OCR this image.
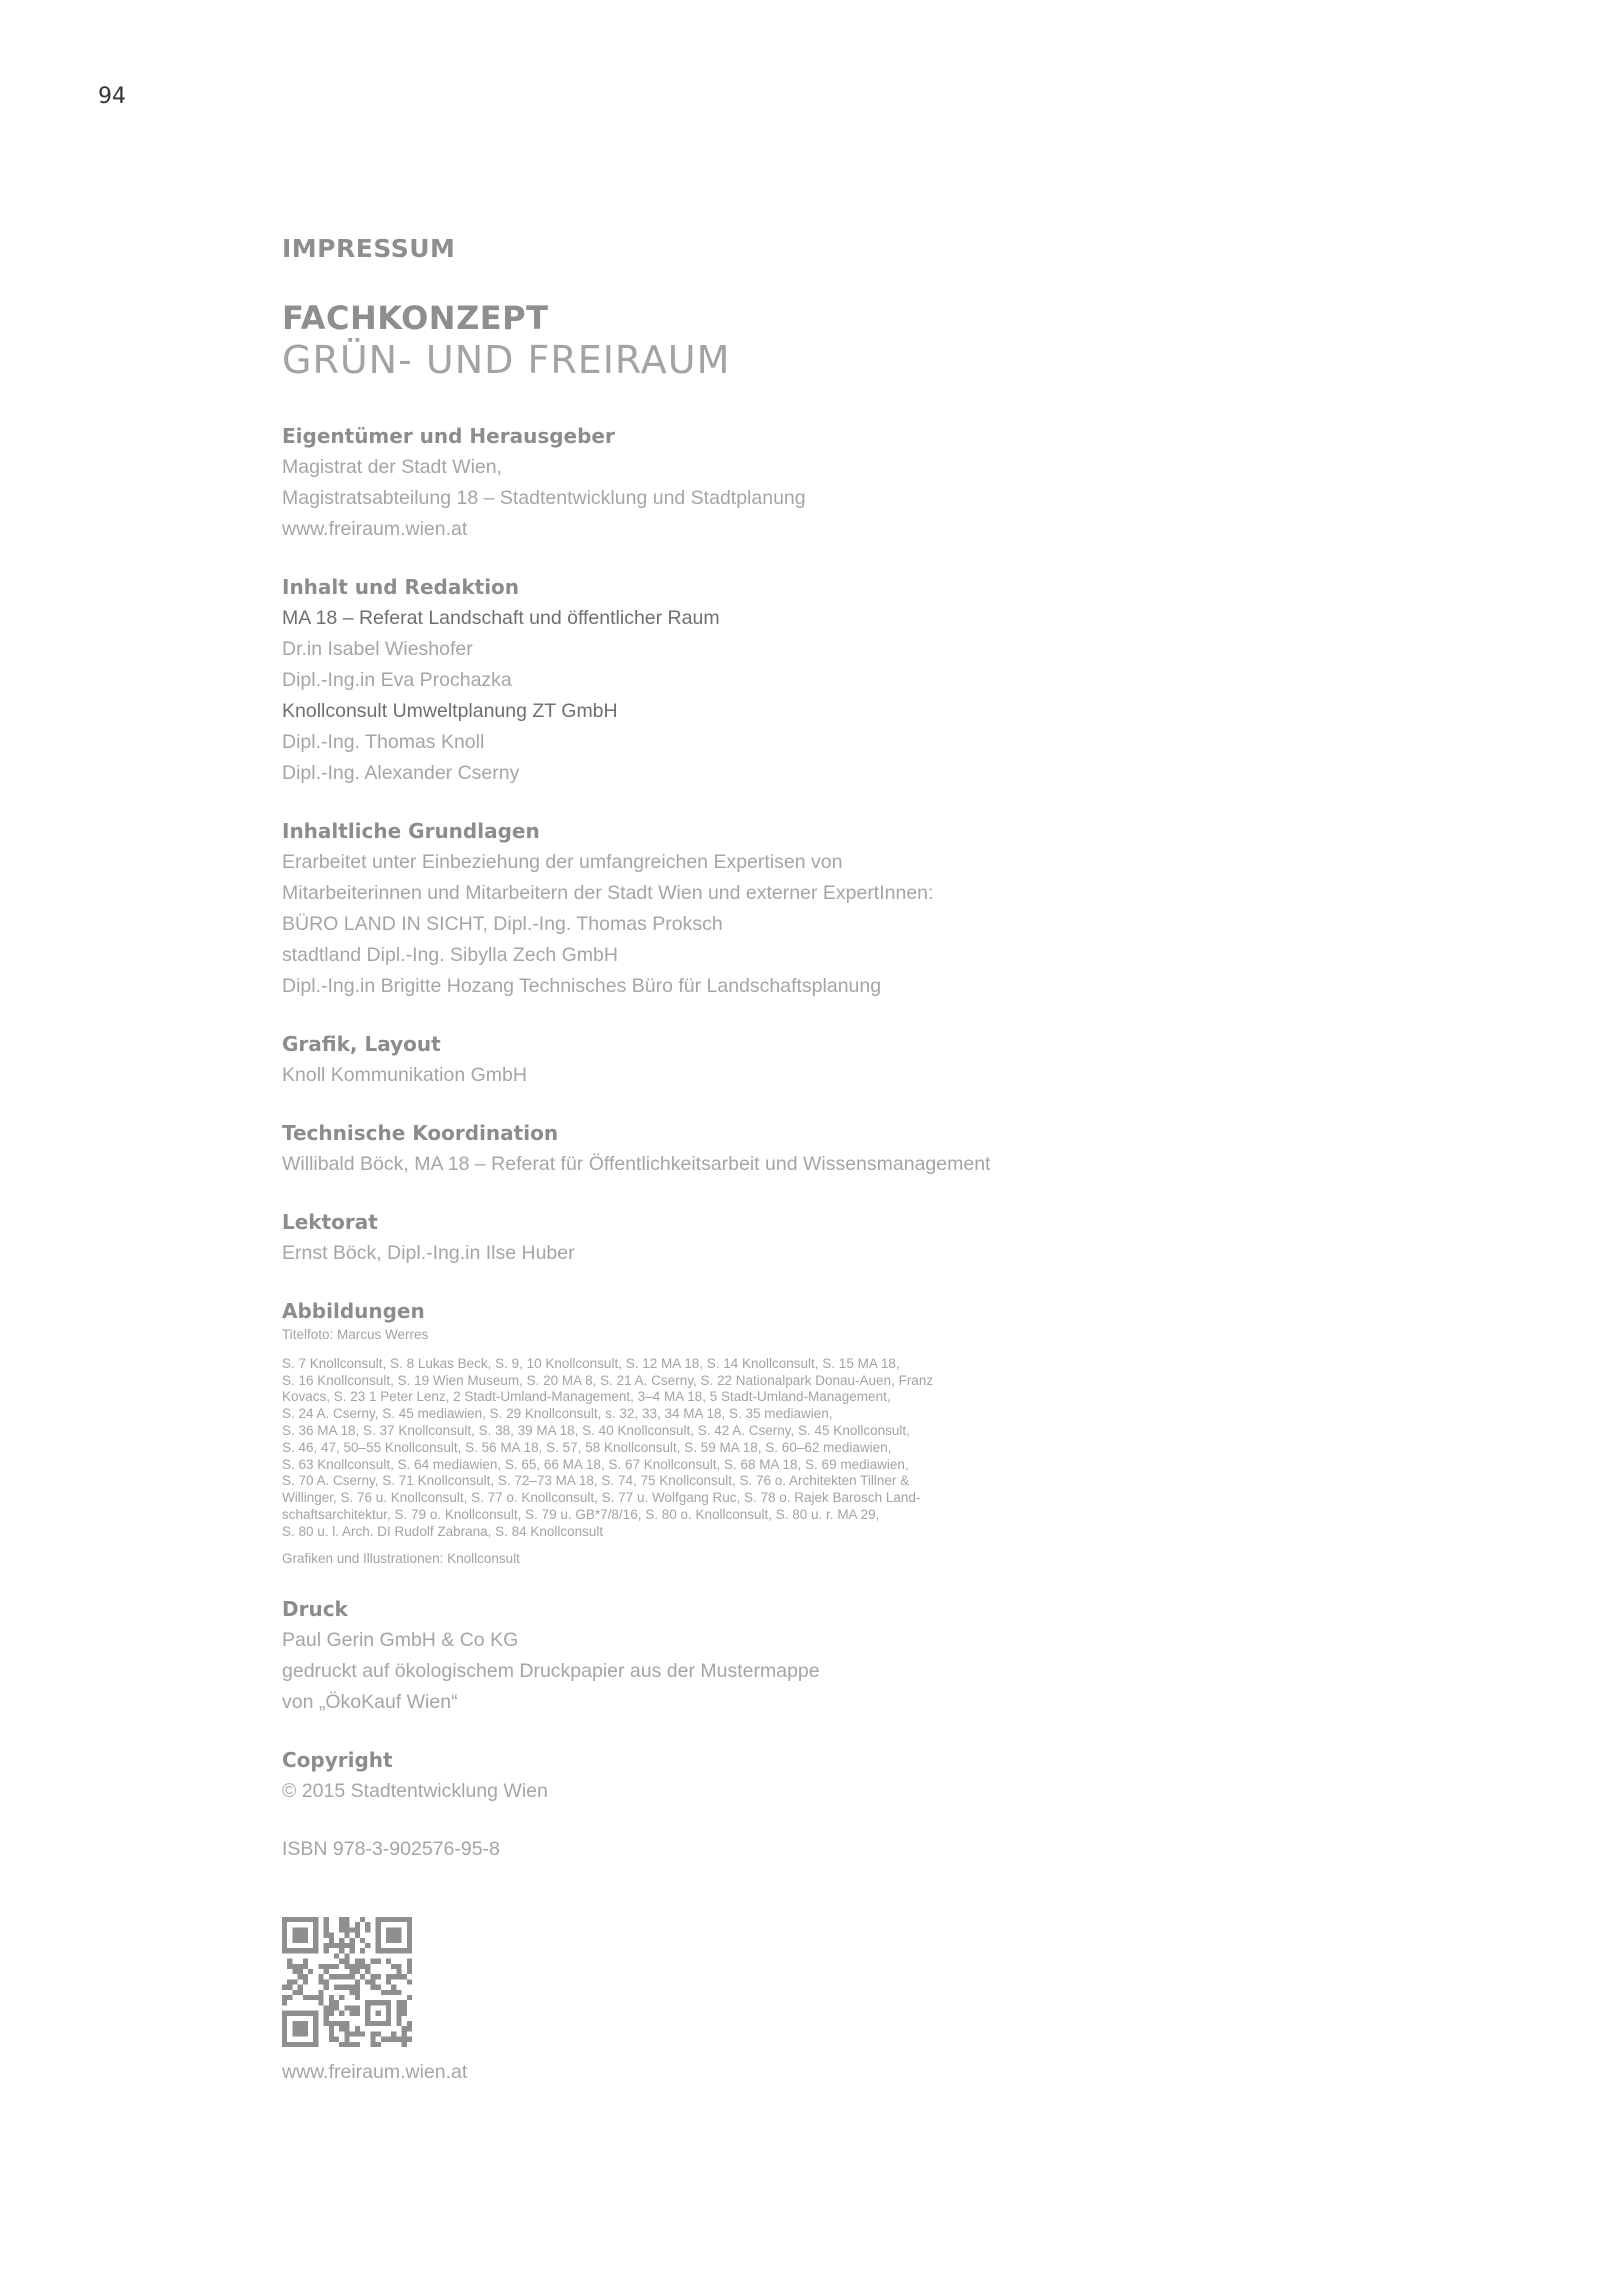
94
IMPRESSUM
FACHKONZEPT
GRÜN- UND FREIRAUM
Eigentümer und Herausgeber
Magistrat der Stadt Wien,
Magistratsabteilung 18 – Stadtentwicklung und Stadtplanung
www.freiraum.wien.at
Inhalt und Redaktion
MA 18 – Referat Landschaft und öffentlicher Raum
Dr.in Isabel Wieshofer
Dipl.-Ing.in Eva Prochazka
Knollconsult Umweltplanung ZT GmbH
Dipl.-Ing. Thomas Knoll
Dipl.-Ing. Alexander Cserny
Inhaltliche Grundlagen
Erarbeitet unter Einbeziehung der umfangreichen Expertisen von
Mitarbeiterinnen und Mitarbeitern der Stadt Wien und externer ExpertInnen:
BÜRO LAND IN SICHT, Dipl.-Ing. Thomas Proksch
stadtland Dipl.-Ing. Sibylla Zech GmbH
Dipl.-Ing.in Brigitte Hozang Technisches Büro für Landschaftsplanung
Grafik, Layout
Knoll Kommunikation GmbH
Technische Koordination
Willibald Böck, MA 18 – Referat für Öffentlichkeitsarbeit und Wissensmanagement
Lektorat
Ernst Böck, Dipl.-Ing.in Ilse Huber
Abbildungen
Titelfoto: Marcus Werres
S. 7 Knollconsult, S. 8 Lukas Beck, S. 9, 10 Knollconsult, S. 12 MA 18, S. 14 Knollconsult, S. 15 MA 18,
S. 16 Knollconsult, S. 19 Wien Museum, S. 20 MA 8, S. 21 A. Cserny, S. 22 Nationalpark Donau-Auen, Franz
Kovacs, S. 23 1 Peter Lenz, 2 Stadt-Umland-Management, 3–4 MA 18, 5 Stadt-Umland-Management,
S. 24 A. Cserny, S. 45 mediawien, S. 29 Knollconsult, s. 32, 33, 34 MA 18, S. 35 mediawien,
S. 36 MA 18, S. 37 Knollconsult, S. 38, 39 MA 18, S. 40 Knollconsult, S. 42 A. Cserny, S. 45 Knollconsult,
S. 46, 47, 50–55 Knollconsult, S. 56 MA 18, S. 57, 58 Knollconsult, S. 59 MA 18, S. 60–62 mediawien,
S. 63 Knollconsult, S. 64 mediawien, S. 65, 66 MA 18, S. 67 Knollconsult, S. 68 MA 18, S. 69 mediawien,
S. 70 A. Cserny, S. 71 Knollconsult, S. 72–73 MA 18, S. 74, 75 Knollconsult, S. 76 o. Architekten Tillner &
Willinger, S. 76 u. Knollconsult, S. 77 o. Knollconsult, S. 77 u. Wolfgang Ruc, S. 78 o. Rajek Barosch Land-
schaftsarchitektur, S. 79 o. Knollconsult, S. 79 u. GB*7/8/16, S. 80 o. Knollconsult, S. 80 u. r. MA 29,
S. 80 u. l. Arch. DI Rudolf Zabrana, S. 84 Knollconsult
Grafiken und Illustrationen: Knollconsult
Druck
Paul Gerin GmbH & Co KG
gedruckt auf ökologischem Druckpapier aus der Mustermappe
von „ÖkoKauf Wien“
Copyright
© 2015 Stadtentwicklung Wien
ISBN 978-3-902576-95-8
www.freiraum.wien.at
